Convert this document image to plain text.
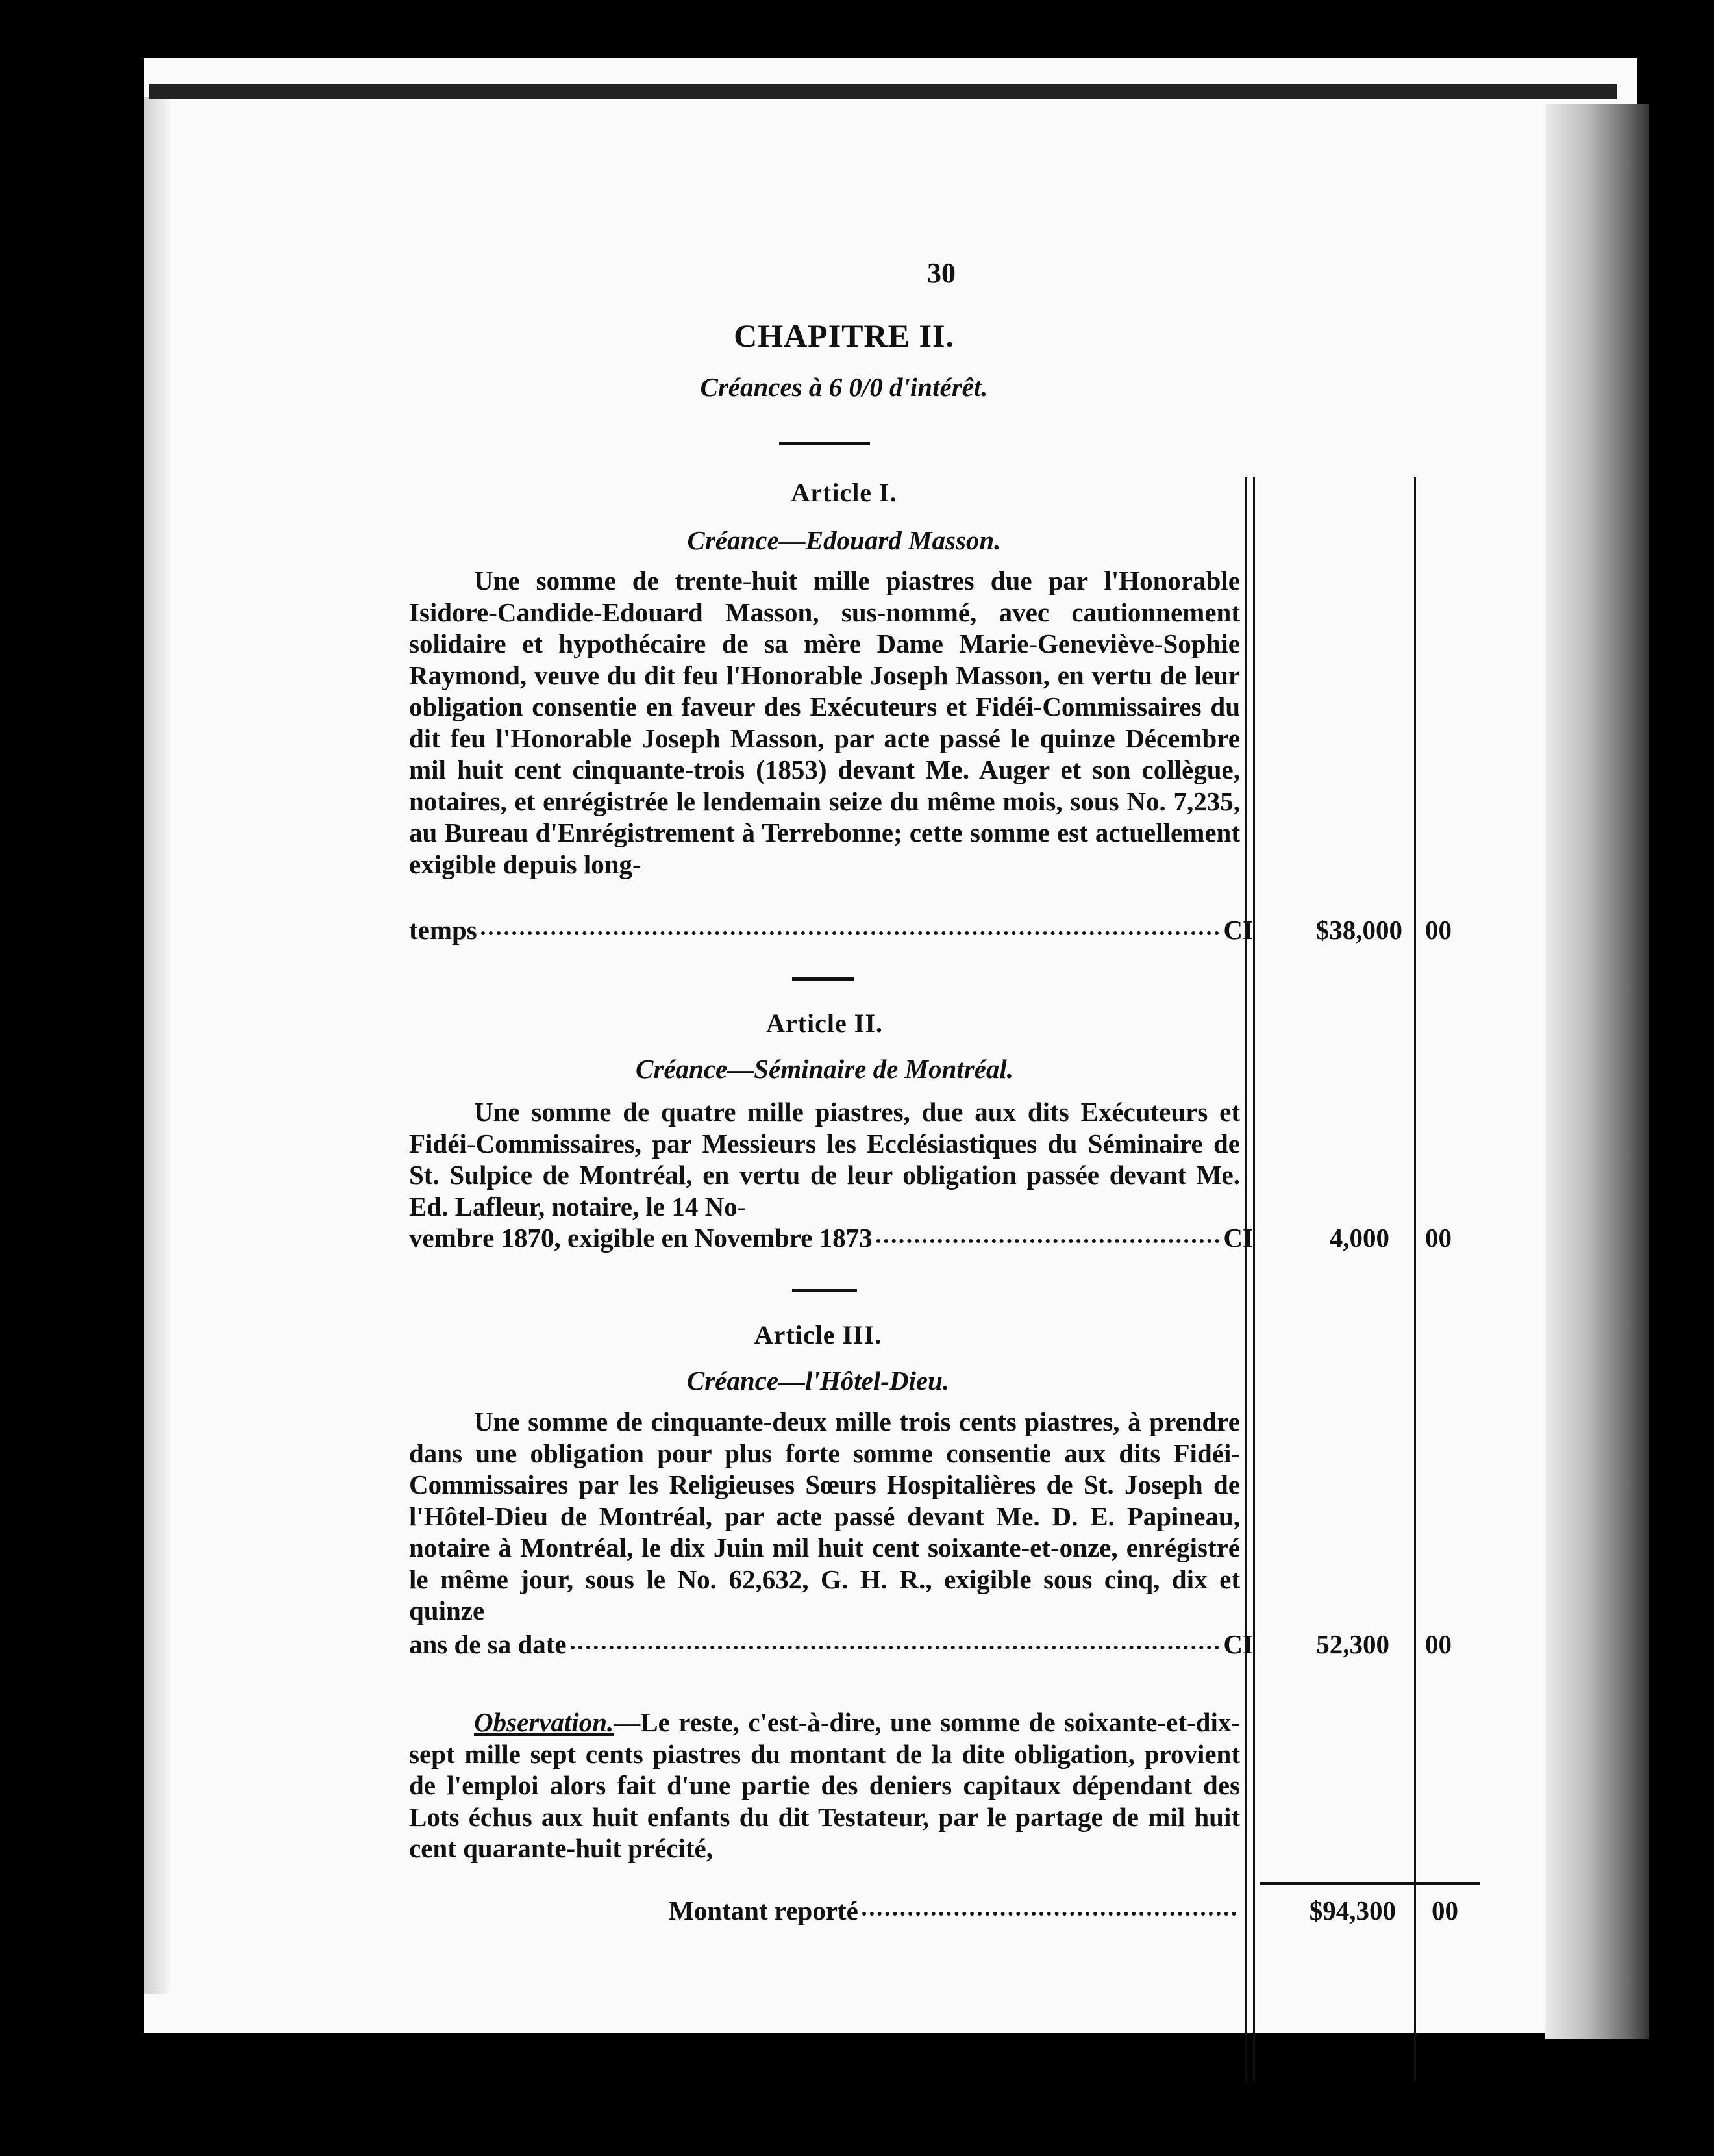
30
CHAPITRE II.
Créances à 6 0/0 d'intérêt.
Article I.
Créance—Edouard Masson.
Une somme de trente-huit mille piastres due par l'Honorable Isidore-Candide-Edouard Masson, sus-nommé, avec cautionnement solidaire et hypothécaire de sa mère Dame Marie-Geneviève-Sophie Raymond, veuve du dit feu l'Honorable Joseph Masson, en vertu de leur obligation consentie en faveur des Exécuteurs et Fidéi-Commissaires du dit feu l'Honorable Joseph Masson, par acte passé le quinze Décembre mil huit cent cinquante-trois (1853) devant Me. Auger et son collègue, notaires, et enrégistrée le lendemain seize du même mois, sous No. 7,235, au Bureau d'Enrégistrement à Terrebonne; cette somme est actuellement exigible depuis long-
temps	CI	$38,000 00
Article II.
Créance—Séminaire de Montréal.
Une somme de quatre mille piastres, due aux dits Exécuteurs et Fidéi-Commissaires, par Messieurs les Ecclésiastiques du Séminaire de St. Sulpice de Montréal, en vertu de leur obligation passée devant Me. Ed. Lafleur, notaire, le 14 No-
vembre 1870, exigible en Novembre 1873	CI	4,000 00
Article III.
Créance—l'Hôtel-Dieu.
Une somme de cinquante-deux mille trois cents piastres, à prendre dans une obligation pour plus forte somme consentie aux dits Fidéi-Commissaires par les Religieuses Sœurs Hospitalières de St. Joseph de l'Hôtel-Dieu de Montréal, par acte passé devant Me. D. E. Papineau, notaire à Montréal, le dix Juin mil huit cent soixante-et-onze, enrégistré le même jour, sous le No. 62,632, G. H. R., exigible sous cinq, dix et quinze
ans de sa date	CI	52,300 00
Observation.—Le reste, c'est-à-dire, une somme de soixante-et-dix-sept mille sept cents piastres du montant de la dite obligation, provient de l'emploi alors fait d'une partie des deniers capitaux dépendant des Lots échus aux huit enfants du dit Testateur, par le partage de mil huit cent quarante-huit précité,
Montant reporté	$94,300 00
